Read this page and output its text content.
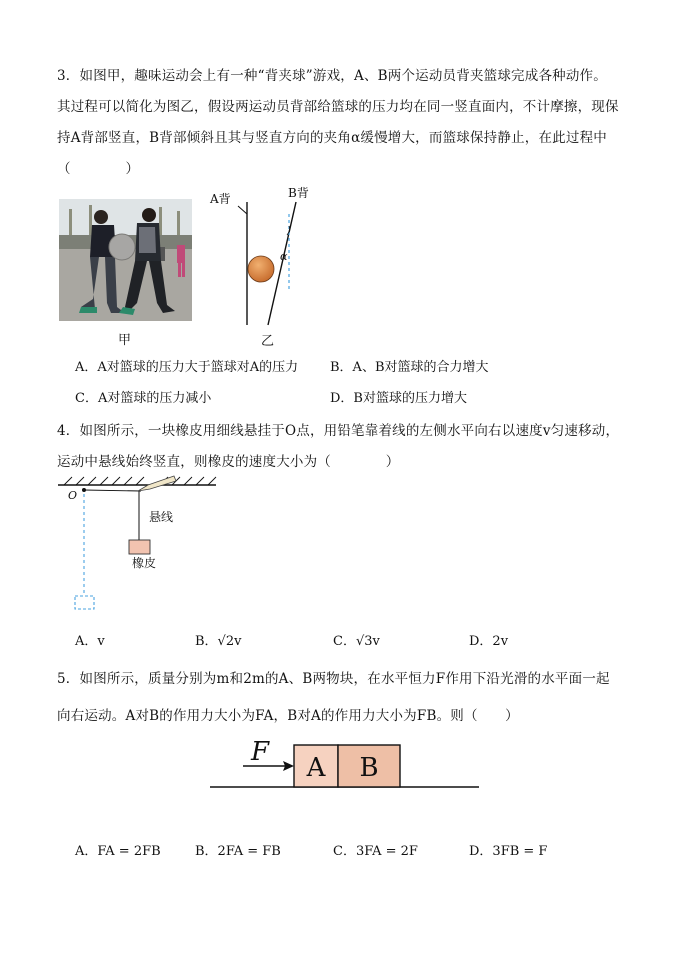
3．如图甲，趣味运动会上有一种“背夹球”游戏，A、B两个运动员背夹篮球完成各种动作。
其过程可以简化为图乙，假设两运动员背部给篮球的压力均在同一竖直面内，不计摩擦，现保
持A背部竖直，B背部倾斜且其与竖直方向的夹角α缓慢增大，而篮球保持静止，在此过程中
（　　　　）
甲
A背	B背
α
乙
A．A对篮球的压力大于篮球对A的压力 B．A、B对篮球的合力增大
C．A对篮球的压力减小	D．B对篮球的压力增大
4．如图所示，一块橡皮用细线悬挂于O点，用铅笔靠着线的左侧水平向右以速度v匀速移动，
运动中悬线始终竖直，则橡皮的速度大小为（　　　　）
O
悬线
橡皮
A．v	B．√2v	C．√3v	D．2v
5．如图所示，质量分别为m和2m的A、B两物块，在水平恒力F作用下沿光滑的水平面一起
向右运动。A对B的作用力大小为FA，B对A的作用力大小为FB。则（　　）
A B
F
A．FA = 2FB	B．2FA = FB	C．3FA = 2F	D．3FB = F
